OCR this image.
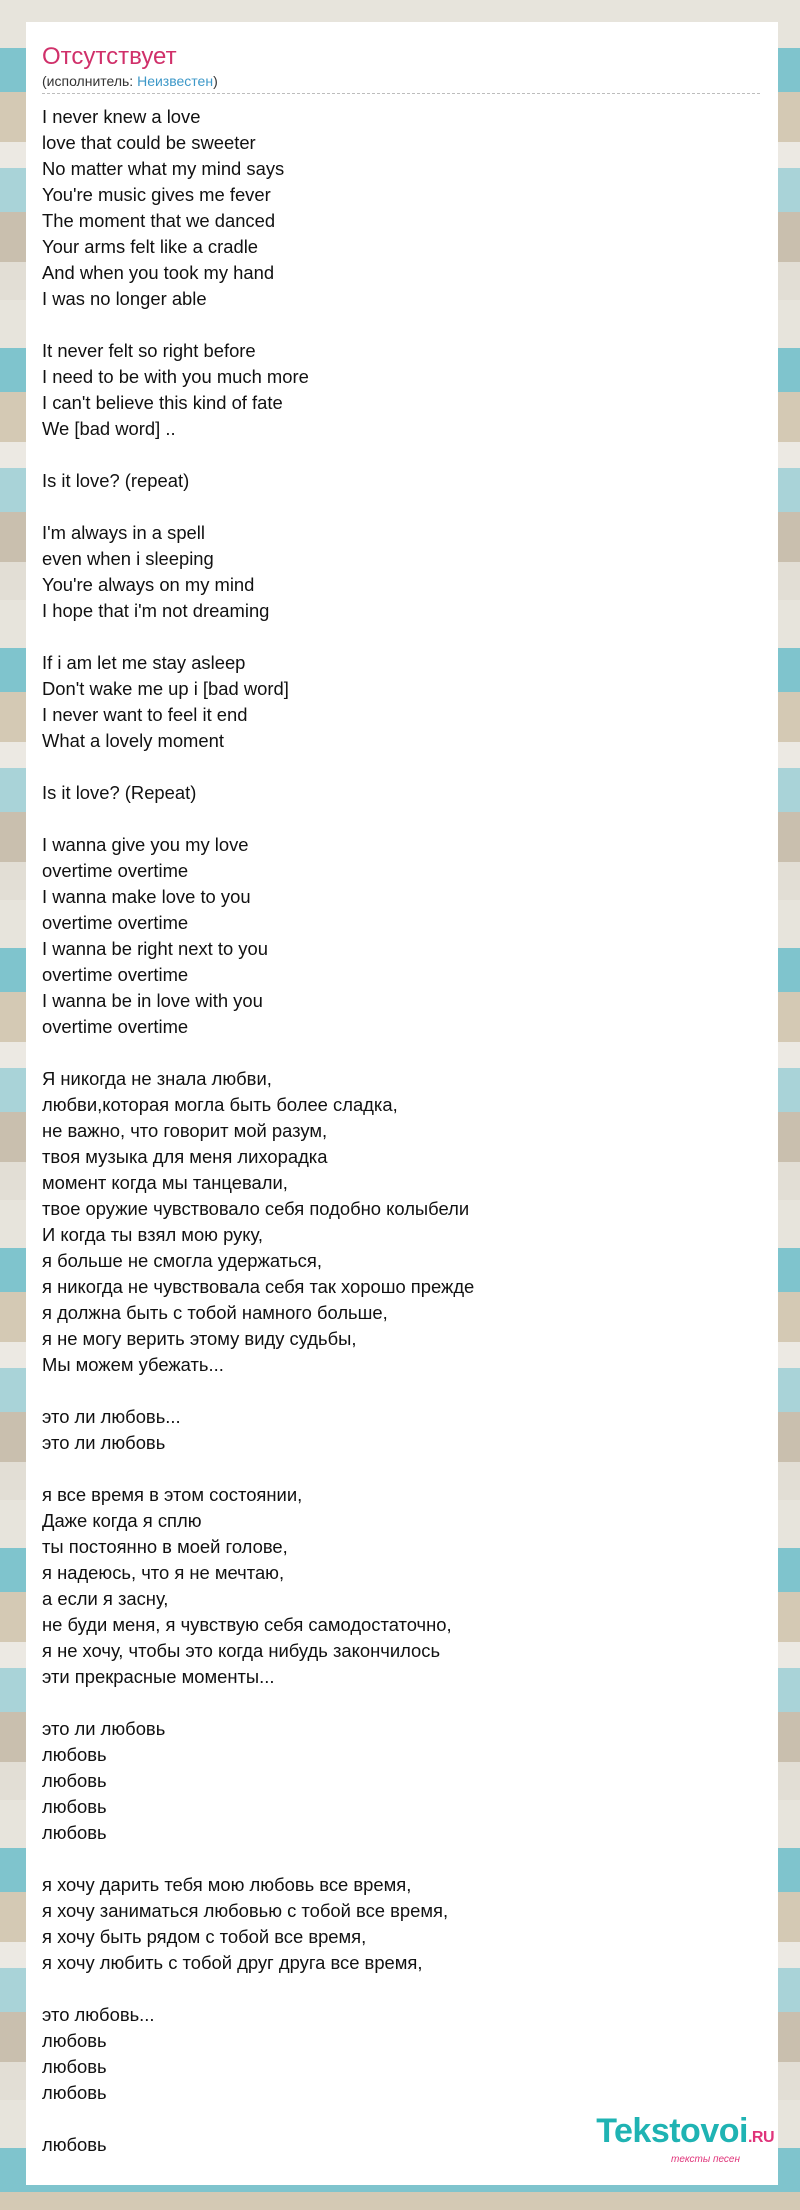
Отсутствует
(исполнитель: Неизвестен)
I never knew a love
love that could be sweeter
No matter what my mind says
You're music gives me fever
The moment that we danced
Your arms felt like a cradle
And when you took my hand
I was no longer able
It never felt so right before
I need to be with you much more
I can't believe this kind of fate
We [bad word] ..
Is it love? (repeat)
I'm always in a spell
even when i sleeping
You're always on my mind
I hope that i'm not dreaming
If i am let me stay asleep
Don't wake me up i [bad word]
I never want to feel it end
What a lovely moment
Is it love? (Repeat)
I wanna give you my love
overtime overtime
I wanna make love to you
overtime overtime
I wanna be right next to you
overtime overtime
I wanna be in love with you
overtime overtime
Я никогда не знала любви,
любви,которая могла быть более сладка,
не важно, что говорит мой разум,
твоя музыка для меня лихорадка
момент когда мы танцевали,
твое оружие чувствовало себя подобно колыбели
И когда ты взял мою руку,
я больше не смогла удержаться,
я никогда не чувствовала себя так хорошо прежде
я должна быть с тобой намного больше,
я не могу верить этому виду судьбы,
Мы можем убежать...
это ли любовь...
это ли любовь
я все время в этом состоянии,
Даже когда я сплю
ты постоянно в моей голове,
я надеюсь, что я не мечтаю,
а если я засну,
не буди меня, я чувствую себя самодостаточно,
я не хочу, чтобы это когда нибудь закончилось
эти прекрасные моменты...
это ли любовь
любовь
любовь
любовь
любовь
я хочу дарить тебя мою любовь все время,
я хочу заниматься любовью с тобой все время,
я хочу быть рядом с тобой все время,
я хочу любить с тобой друг друга все время,
это любовь...
любовь
любовь
любовь
любовь	Tekstovoi.RU
тексты песен
